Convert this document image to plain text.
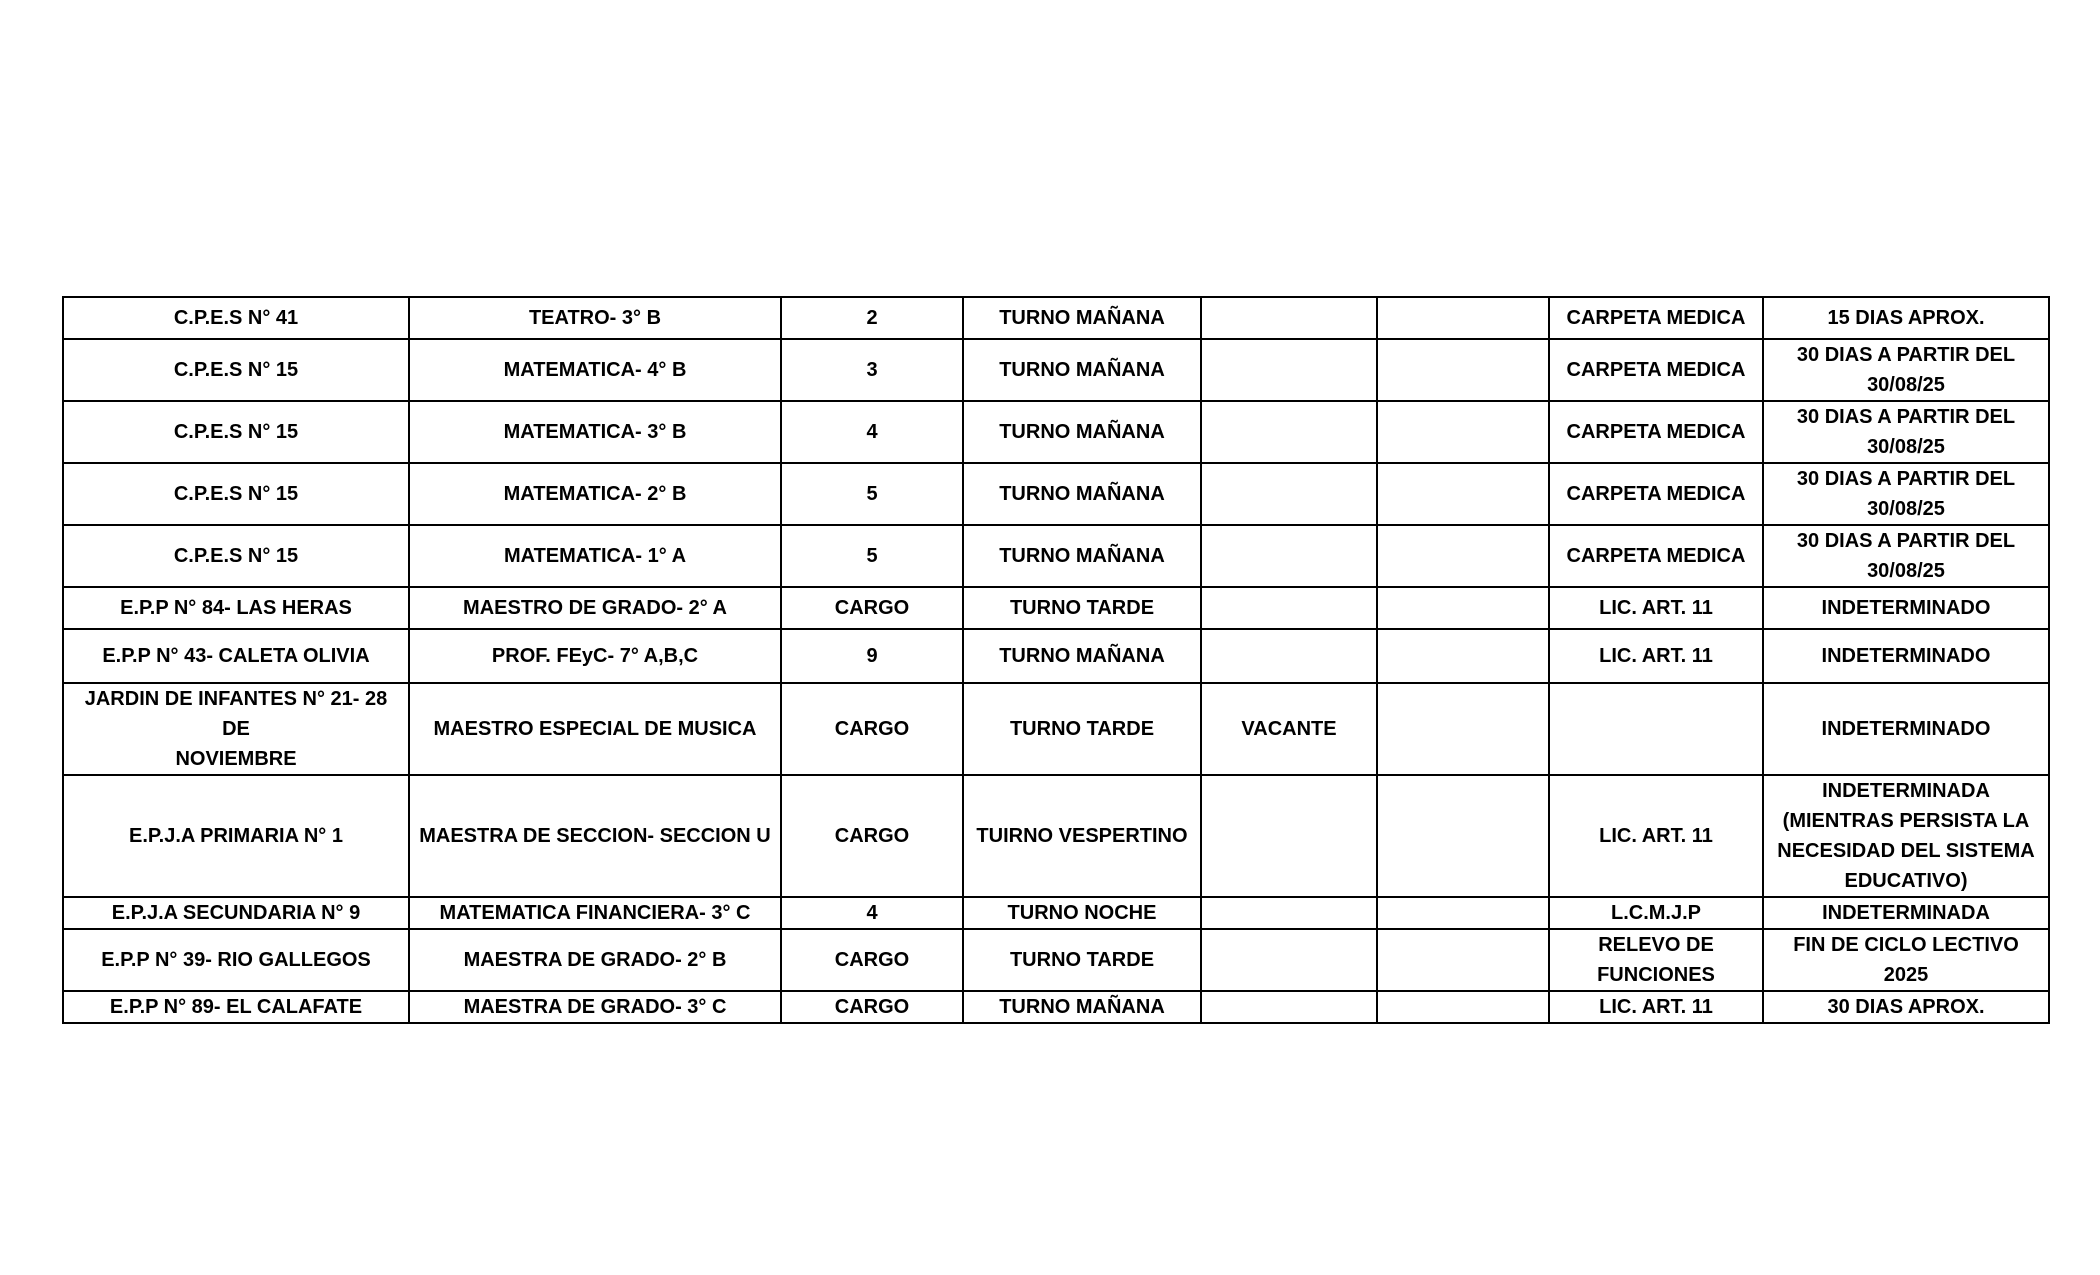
C.P.E.S N° 41	TEATRO- 3° B	2	TURNO MAÑANA			CARPETA MEDICA	15 DIAS APROX.
C.P.E.S N° 15	MATEMATICA- 4° B	3	TURNO MAÑANA			CARPETA MEDICA	30 DIAS A PARTIR DEL
30/08/25
C.P.E.S N° 15	MATEMATICA- 3° B	4	TURNO MAÑANA			CARPETA MEDICA	30 DIAS A PARTIR DEL
30/08/25
C.P.E.S N° 15	MATEMATICA- 2° B	5	TURNO MAÑANA			CARPETA MEDICA	30 DIAS A PARTIR DEL
30/08/25
C.P.E.S N° 15	MATEMATICA- 1° A	5	TURNO MAÑANA			CARPETA MEDICA	30 DIAS A PARTIR DEL
30/08/25
E.P.P N° 84- LAS HERAS	MAESTRO DE GRADO- 2° A	CARGO	TURNO TARDE			LIC. ART. 11	INDETERMINADO
E.P.P N° 43- CALETA OLIVIA	PROF. FEyC- 7° A,B,C	9	TURNO MAÑANA			LIC. ART. 11	INDETERMINADO
JARDIN DE INFANTES N° 21- 28 DE
NOVIEMBRE	MAESTRO ESPECIAL DE MUSICA	CARGO	TURNO TARDE	VACANTE			INDETERMINADO
E.P.J.A PRIMARIA N° 1	MAESTRA DE SECCION- SECCION U	CARGO	TUIRNO VESPERTINO			LIC. ART. 11	INDETERMINADA
(MIENTRAS PERSISTA LA
NECESIDAD DEL SISTEMA
EDUCATIVO)
E.P.J.A SECUNDARIA N° 9	MATEMATICA FINANCIERA- 3° C	4	TURNO NOCHE			L.C.M.J.P	INDETERMINADA
E.P.P N° 39- RIO GALLEGOS	MAESTRA DE GRADO- 2° B	CARGO	TURNO TARDE			RELEVO DE
FUNCIONES	FIN DE CICLO LECTIVO 2025
E.P.P N° 89- EL CALAFATE	MAESTRA DE GRADO- 3° C	CARGO	TURNO MAÑANA			LIC. ART. 11	30 DIAS APROX.
